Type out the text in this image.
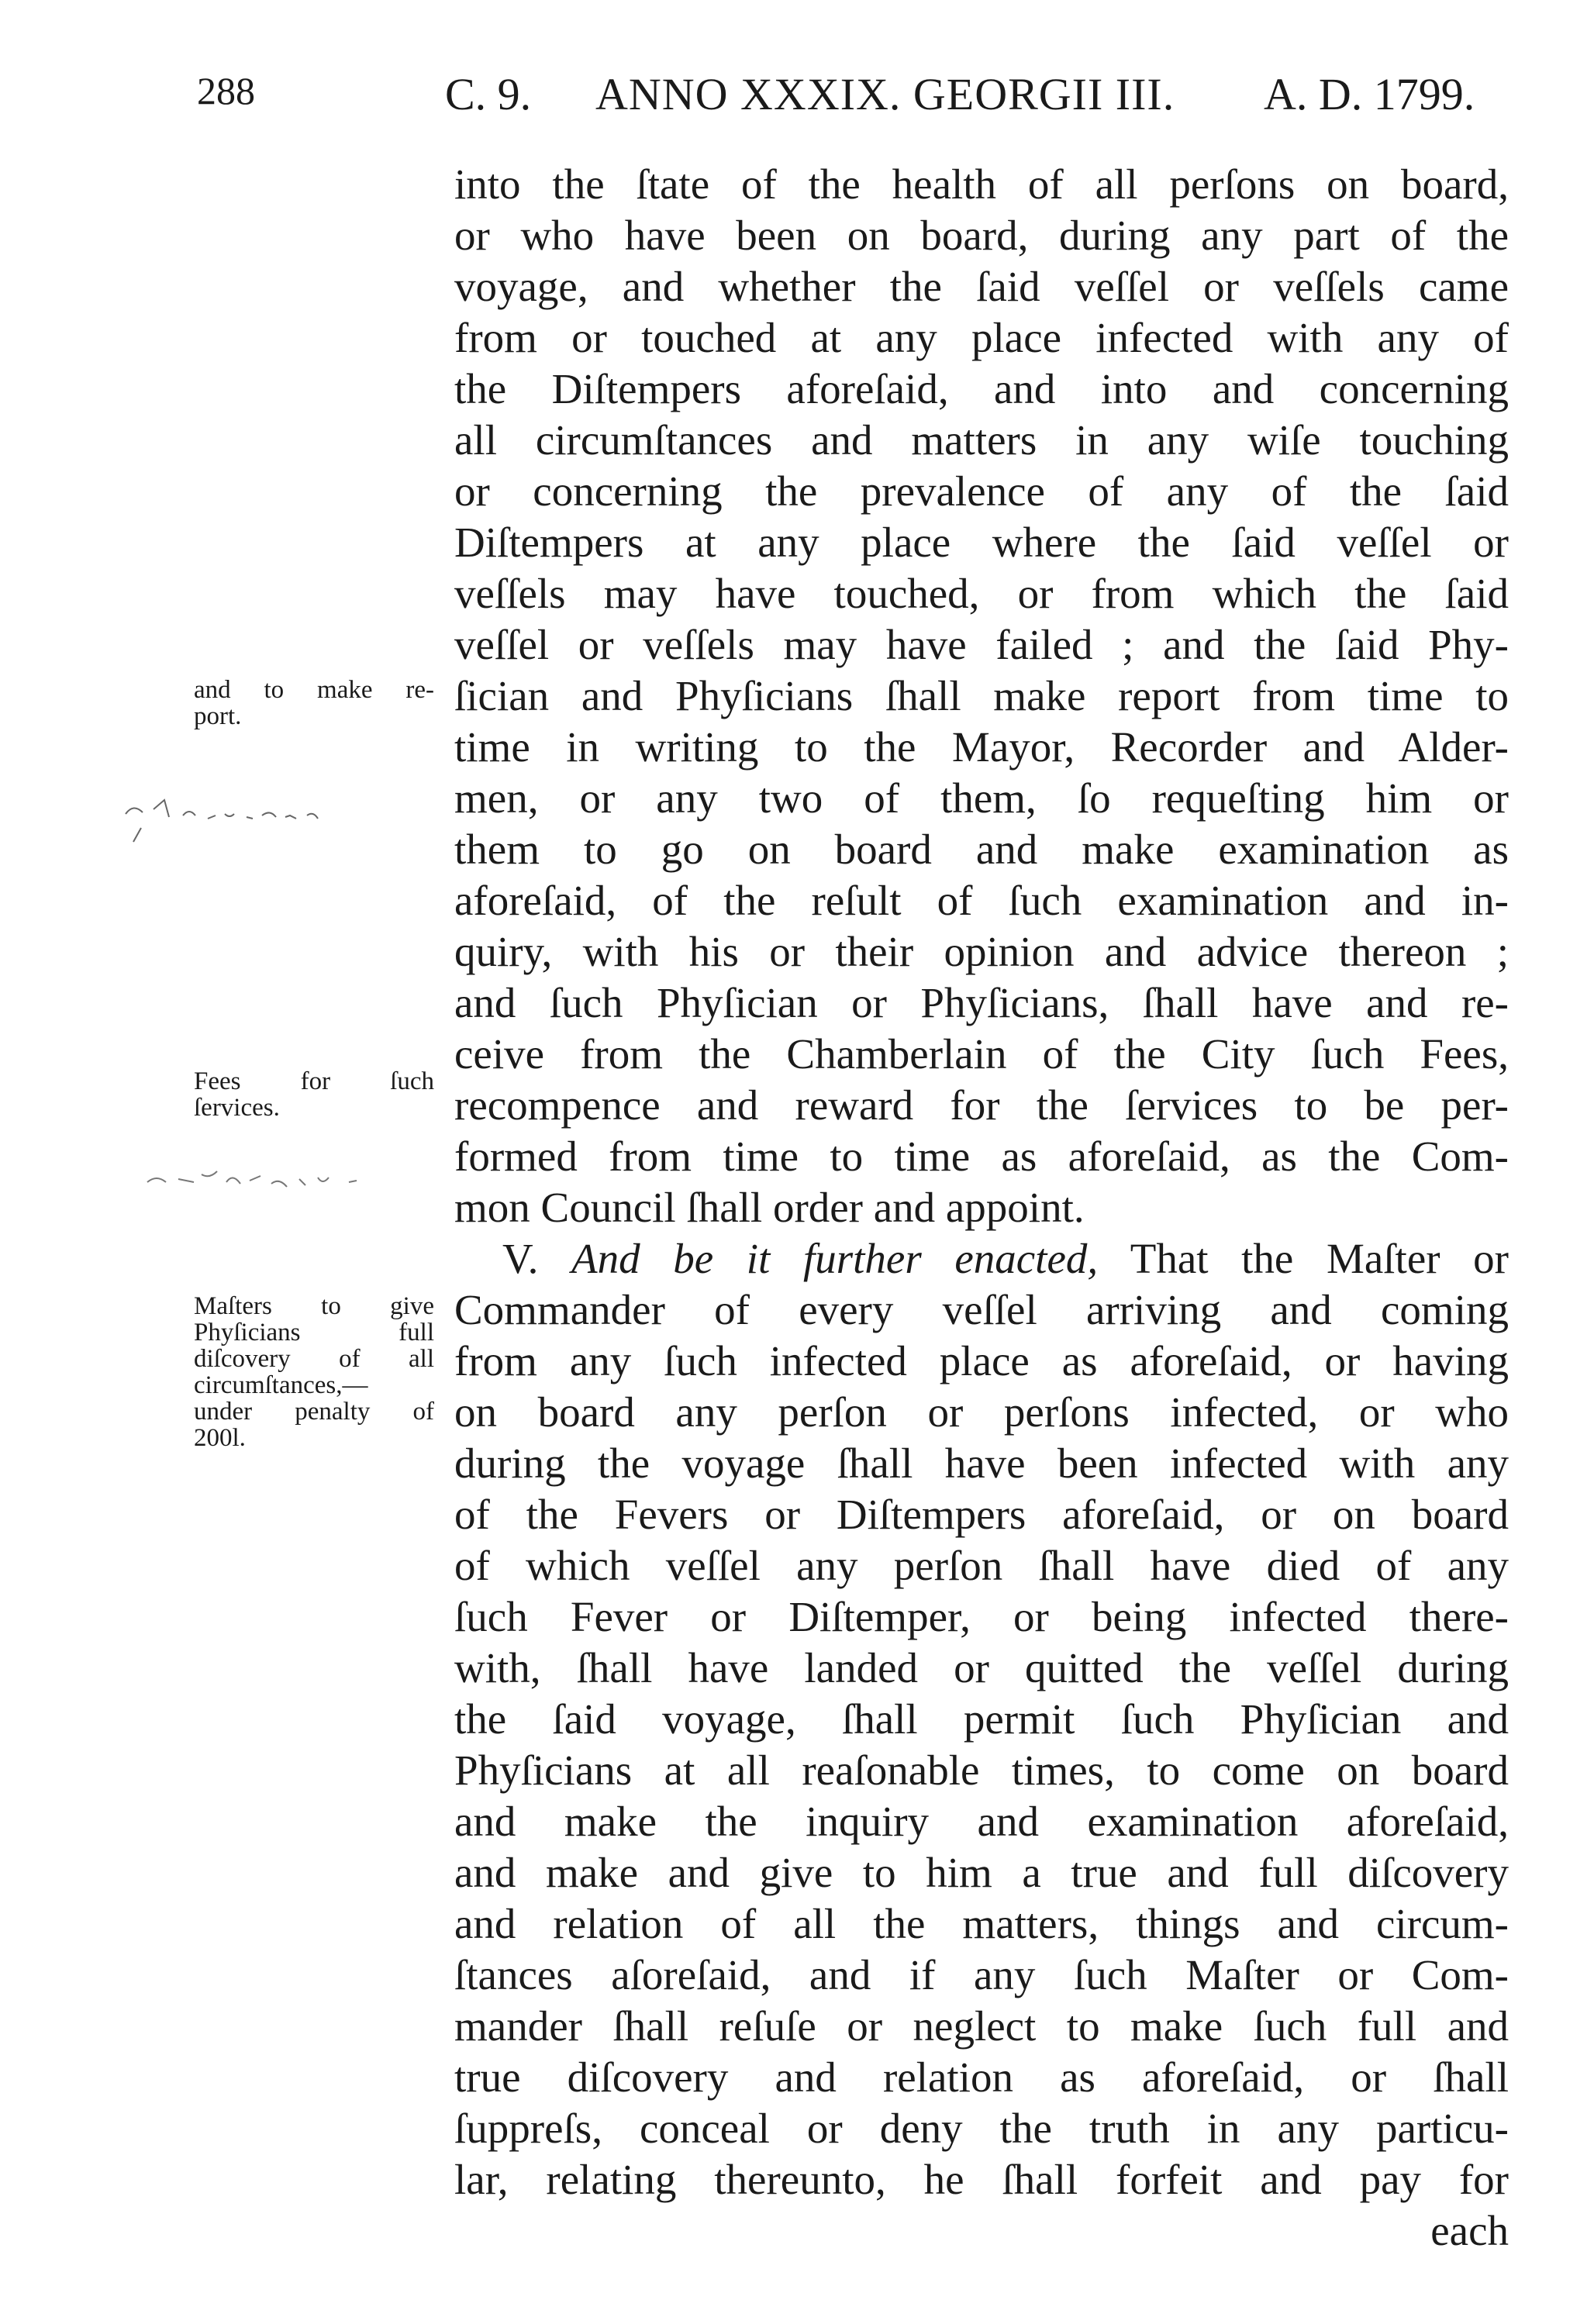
288	C. 9. ANNO XXXIX. GEORGII III. A. D. 1799.
and to make re-
port.
Fees for ſuch
ſervices.
Maſters to give
Phyſicians full
diſcovery of all
circumſtances,—
under penalty of
200l.
into the ſtate of the health of all perſons on board,
or who have been on board, during any part of the
voyage, and whether the ſaid veſſel or veſſels came
from or touched at any place infected with any of
the Diſtempers aforeſaid, and into and concerning
all circumſtances and matters in any wiſe touching
or concerning the prevalence of any of the ſaid
Diſtempers at any place where the ſaid veſſel or
veſſels may have touched, or from which the ſaid
veſſel or veſſels may have failed ; and the ſaid Phy-
ſician and Phyſicians ſhall make report from time to
time in writing to the Mayor, Recorder and Alder-
men, or any two of them, ſo requeſting him or
them to go on board and make examination as
aforeſaid, of the reſult of ſuch examination and in-
quiry, with his or their opinion and advice thereon ;
and ſuch Phyſician or Phyſicians, ſhall have and re-
ceive from the Chamberlain of the City ſuch Fees,
recompence and reward for the ſervices to be per-
formed from time to time as aforeſaid, as the Com-
mon Council ſhall order and appoint.
V. And be it further enacted, That the Maſter or
Commander of every veſſel arriving and coming
from any ſuch infected place as aforeſaid, or having
on board any perſon or perſons infected, or who
during the voyage ſhall have been infected with any
of the Fevers or Diſtempers aforeſaid, or on board
of which veſſel any perſon ſhall have died of any
ſuch Fever or Diſtemper, or being infected there-
with, ſhall have landed or quitted the veſſel during
the ſaid voyage, ſhall permit ſuch Phyſician and
Phyſicians at all reaſonable times, to come on board
and make the inquiry and examination aforeſaid,
and make and give to him a true and full diſcovery
and relation of all the matters, things and circum-
ſtances aſoreſaid, and if any ſuch Maſter or Com-
mander ſhall reſuſe or neglect to make ſuch full and
true diſcovery and relation as aforeſaid, or ſhall
ſuppreſs, conceal or deny the truth in any particu-
lar, relating thereunto, he ſhall forfeit and pay for
each
